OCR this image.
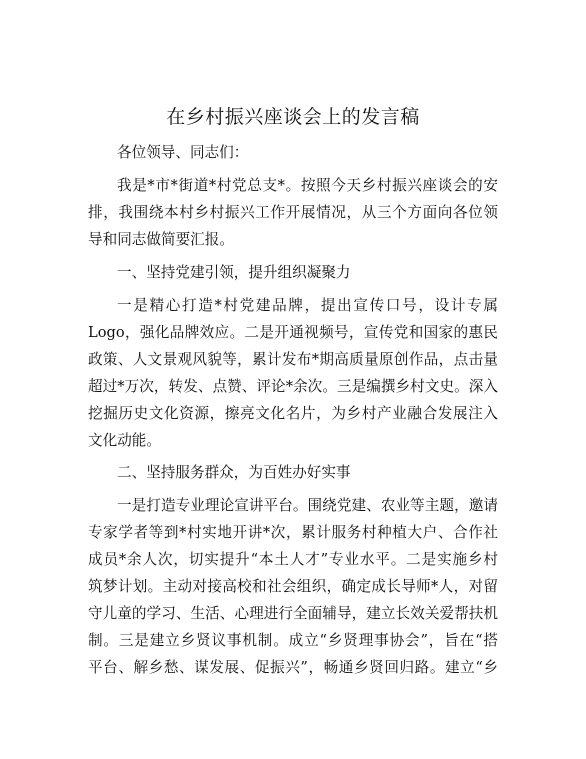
在乡村振兴座谈会上的发言稿
各位领导、同志们：
我是*市*街道*村党总支*。按照今天乡村振兴座谈会的安
排，我围绕本村乡村振兴工作开展情况，从三个方面向各位领
导和同志做简要汇报。
一、坚持党建引领，提升组织凝聚力
一是精心打造*村党建品牌，提出宣传口号，设计专属
Logo，强化品牌效应。二是开通视频号，宣传党和国家的惠民
政策、人文景观风貌等，累计发布*期高质量原创作品，点击量
超过*万次，转发、点赞、评论*余次。三是编撰乡村文史。深入
挖掘历史文化资源，擦亮文化名片，为乡村产业融合发展注入
文化动能。
二、坚持服务群众，为百姓办好实事
一是打造专业理论宣讲平台。围绕党建、农业等主题，邀请
专家学者等到*村实地开讲*次，累计服务村种植大户、合作社
成员*余人次，切实提升“本土人才”专业水平。二是实施乡村
筑梦计划。主动对接高校和社会组织，确定成长导师*人，对留
守儿童的学习、生活、心理进行全面辅导，建立长效关爱帮扶机
制。三是建立乡贤议事机制。成立“乡贤理事协会”，旨在“搭
平台、解乡愁、谋发展、促振兴”，畅通乡贤回归路。建立“乡
